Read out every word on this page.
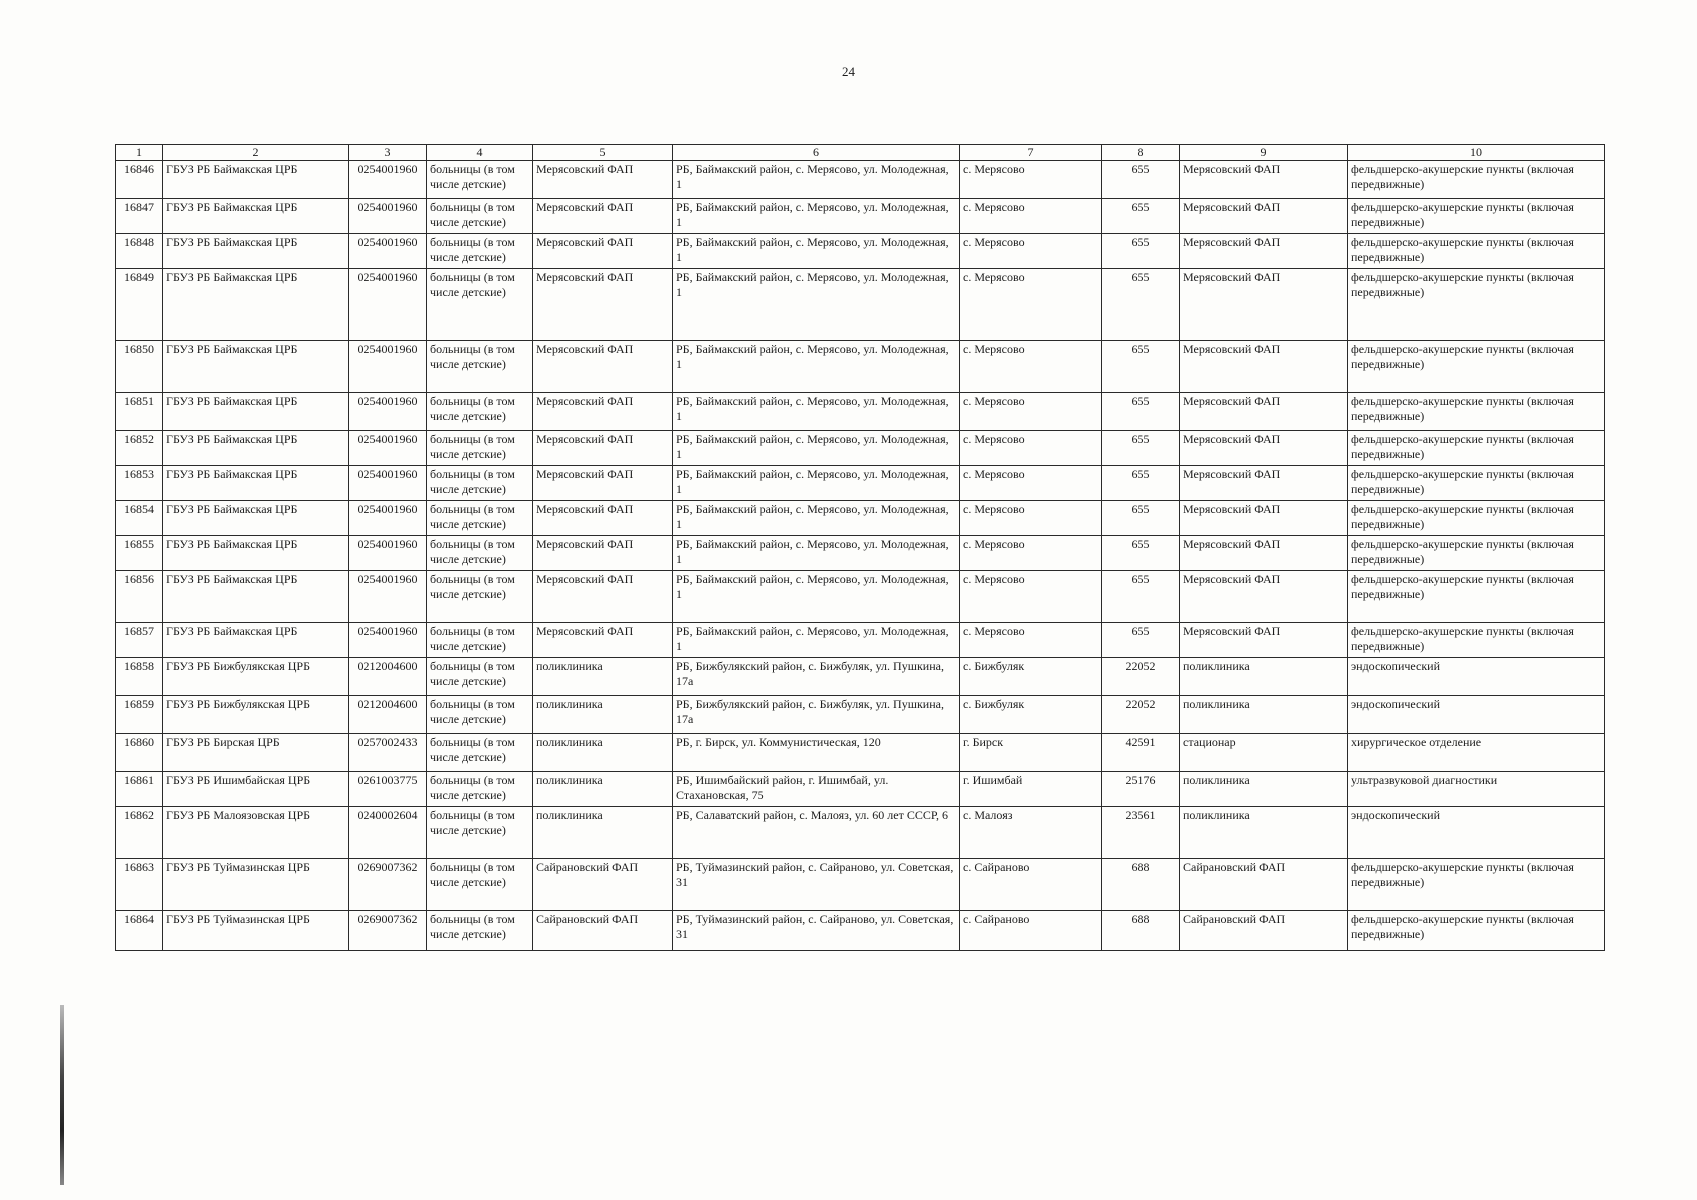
24
1	2	3	4	5	6	7	8	9	10
16846	ГБУЗ РБ Баймакская ЦРБ	0254001960	больницы (в том числе детские)	Мерясовский ФАП	РБ, Баймакский район, с. Мерясово, ул. Молодежная, 1	с. Мерясово	655	Мерясовский ФАП	фельдшерско-акушерские пункты (включая передвижные)
16847	ГБУЗ РБ Баймакская ЦРБ	0254001960	больницы (в том числе детские)	Мерясовский ФАП	РБ, Баймакский район, с. Мерясово, ул. Молодежная, 1	с. Мерясово	655	Мерясовский ФАП	фельдшерско-акушерские пункты (включая передвижные)
16848	ГБУЗ РБ Баймакская ЦРБ	0254001960	больницы (в том числе детские)	Мерясовский ФАП	РБ, Баймакский район, с. Мерясово, ул. Молодежная, 1	с. Мерясово	655	Мерясовский ФАП	фельдшерско-акушерские пункты (включая передвижные)
16849	ГБУЗ РБ Баймакская ЦРБ	0254001960	больницы (в том числе детские)	Мерясовский ФАП	РБ, Баймакский район, с. Мерясово, ул. Молодежная, 1	с. Мерясово	655	Мерясовский ФАП	фельдшерско-акушерские пункты (включая передвижные)
16850	ГБУЗ РБ Баймакская ЦРБ	0254001960	больницы (в том числе детские)	Мерясовский ФАП	РБ, Баймакский район, с. Мерясово, ул. Молодежная, 1	с. Мерясово	655	Мерясовский ФАП	фельдшерско-акушерские пункты (включая передвижные)
16851	ГБУЗ РБ Баймакская ЦРБ	0254001960	больницы (в том числе детские)	Мерясовский ФАП	РБ, Баймакский район, с. Мерясово, ул. Молодежная, 1	с. Мерясово	655	Мерясовский ФАП	фельдшерско-акушерские пункты (включая передвижные)
16852	ГБУЗ РБ Баймакская ЦРБ	0254001960	больницы (в том числе детские)	Мерясовский ФАП	РБ, Баймакский район, с. Мерясово, ул. Молодежная, 1	с. Мерясово	655	Мерясовский ФАП	фельдшерско-акушерские пункты (включая передвижные)
16853	ГБУЗ РБ Баймакская ЦРБ	0254001960	больницы (в том числе детские)	Мерясовский ФАП	РБ, Баймакский район, с. Мерясово, ул. Молодежная, 1	с. Мерясово	655	Мерясовский ФАП	фельдшерско-акушерские пункты (включая передвижные)
16854	ГБУЗ РБ Баймакская ЦРБ	0254001960	больницы (в том числе детские)	Мерясовский ФАП	РБ, Баймакский район, с. Мерясово, ул. Молодежная, 1	с. Мерясово	655	Мерясовский ФАП	фельдшерско-акушерские пункты (включая передвижные)
16855	ГБУЗ РБ Баймакская ЦРБ	0254001960	больницы (в том числе детские)	Мерясовский ФАП	РБ, Баймакский район, с. Мерясово, ул. Молодежная, 1	с. Мерясово	655	Мерясовский ФАП	фельдшерско-акушерские пункты (включая передвижные)
16856	ГБУЗ РБ Баймакская ЦРБ	0254001960	больницы (в том числе детские)	Мерясовский ФАП	РБ, Баймакский район, с. Мерясово, ул. Молодежная, 1	с. Мерясово	655	Мерясовский ФАП	фельдшерско-акушерские пункты (включая передвижные)
16857	ГБУЗ РБ Баймакская ЦРБ	0254001960	больницы (в том числе детские)	Мерясовский ФАП	РБ, Баймакский район, с. Мерясово, ул. Молодежная, 1	с. Мерясово	655	Мерясовский ФАП	фельдшерско-акушерские пункты (включая передвижные)
16858	ГБУЗ РБ Бижбулякская ЦРБ	0212004600	больницы (в том числе детские)	поликлиника	РБ, Бижбулякский район, с. Бижбуляк, ул. Пушкина, 17а	с. Бижбуляк	22052	поликлиника	эндоскопический
16859	ГБУЗ РБ Бижбулякская ЦРБ	0212004600	больницы (в том числе детские)	поликлиника	РБ, Бижбулякский район, с. Бижбуляк, ул. Пушкина, 17а	с. Бижбуляк	22052	поликлиника	эндоскопический
16860	ГБУЗ РБ Бирская ЦРБ	0257002433	больницы (в том числе детские)	поликлиника	РБ, г. Бирск, ул. Коммунистическая, 120	г. Бирск	42591	стационар	хирургическое отделение
16861	ГБУЗ РБ Ишимбайская ЦРБ	0261003775	больницы (в том числе детские)	поликлиника	РБ, Ишимбайский район, г. Ишимбай, ул. Стахановская, 75	г. Ишимбай	25176	поликлиника	ультразвуковой диагностики
16862	ГБУЗ РБ Малоязовская ЦРБ	0240002604	больницы (в том числе детские)	поликлиника	РБ, Салаватский район, с. Малояз, ул. 60 лет СССР, 6	с. Малояз	23561	поликлиника	эндоскопический
16863	ГБУЗ РБ Туймазинская ЦРБ	0269007362	больницы (в том числе детские)	Сайрановский ФАП	РБ, Туймазинский район, с. Сайраново, ул. Советская, 31	с. Сайраново	688	Сайрановский ФАП	фельдшерско-акушерские пункты (включая передвижные)
16864	ГБУЗ РБ Туймазинская ЦРБ	0269007362	больницы (в том числе детские)	Сайрановский ФАП	РБ, Туймазинский район, с. Сайраново, ул. Советская, 31	с. Сайраново	688	Сайрановский ФАП	фельдшерско-акушерские пункты (включая передвижные)
